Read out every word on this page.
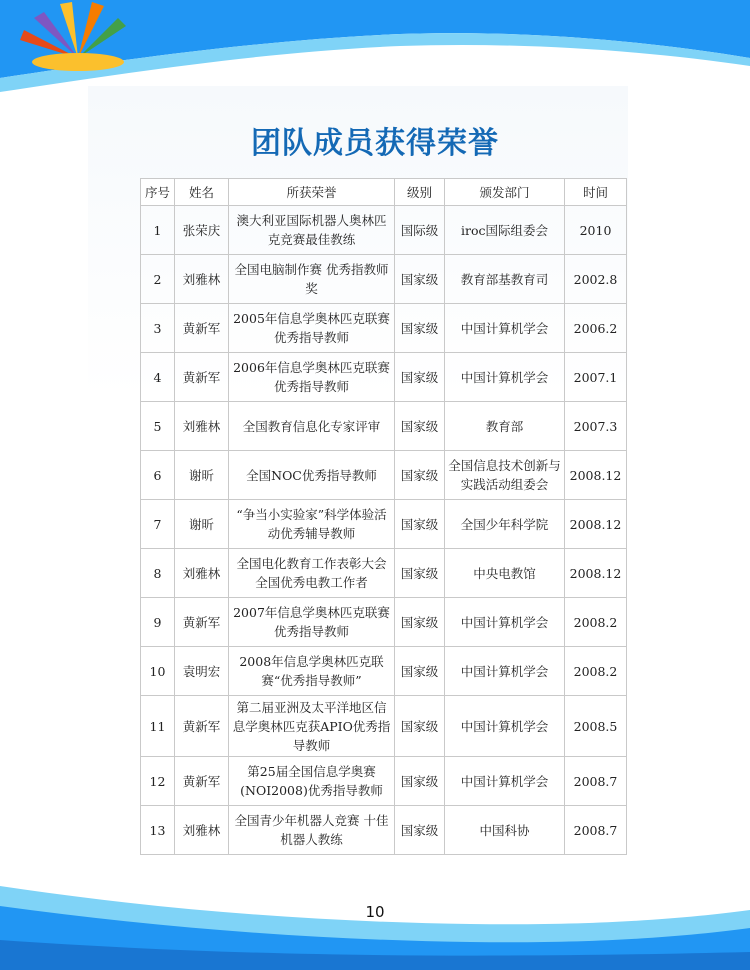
团队成员获得荣誉
序号	姓名	所获荣誉	级别	颁发部门	时间
1	张荣庆	澳大利亚国际机器人奥林匹克竞赛最佳教练	国际级	iroc国际组委会	2010
2	刘雅林	全国电脑制作赛 优秀指教师奖	国家级	教育部基教育司	2002.8
3	黄新军	2005年信息学奥林匹克联赛优秀指导教师	国家级	中国计算机学会	2006.2
4	黄新军	2006年信息学奥林匹克联赛优秀指导教师	国家级	中国计算机学会	2007.1
5	刘雅林	全国教育信息化专家评审	国家级	教育部	2007.3
6	谢昕	全国NOC优秀指导教师	国家级	全国信息技术创新与实践活动组委会	2008.12
7	谢昕	“争当小实验家”科学体验活动优秀辅导教师	国家级	全国少年科学院	2008.12
8	刘雅林	全国电化教育工作表彰大会全国优秀电教工作者	国家级	中央电教馆	2008.12
9	黄新军	2007年信息学奥林匹克联赛优秀指导教师	国家级	中国计算机学会	2008.2
10	袁明宏	2008年信息学奥林匹克联赛“优秀指导教师”	国家级	中国计算机学会	2008.2
11	黄新军	第二届亚洲及太平洋地区信息学奥林匹克获APIO优秀指导教师	国家级	中国计算机学会	2008.5
12	黄新军	第25届全国信息学奥赛(NOI2008)优秀指导教师	国家级	中国计算机学会	2008.7
13	刘雅林	全国青少年机器人竞赛 十佳机器人教练	国家级	中国科协	2008.7
10
